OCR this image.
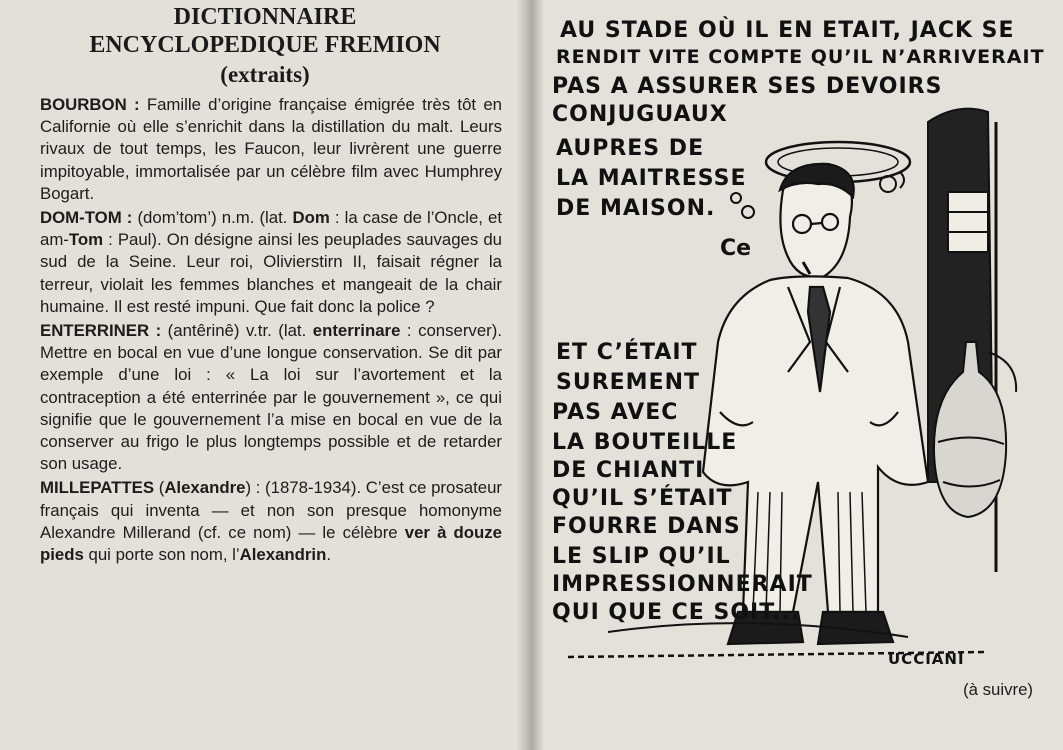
DICTIONNAIRE
ENCYCLOPEDIQUE FREMION
(extraits)

BOURBON : Famille d’origine française émigrée très tôt en Californie où elle s’enrichit dans la distillation du malt. Leurs rivaux de tout temps, les Faucon, leur livrèrent une guerre impitoyable, immortalisée par un célèbre film avec Humphrey Bogart.

DOM-TOM : (dom’tom’) n.m. (lat. Dom : la case de l’Oncle, et am-Tom : Paul). On désigne ainsi les peuplades sauvages du sud de la Seine. Leur roi, Olivierstirn II, faisait régner la terreur, violait les femmes blanches et mangeait de la chair humaine. Il est resté impuni. Que fait donc la police ?

ENTERRINER : (antêrinê) v.tr. (lat. enterrinare : conserver). Mettre en bocal en vue d’une longue conservation. Se dit par exemple d’une loi : « La loi sur l’avortement et la contraception a été enterrinée par le gouvernement », ce qui signifie que le gouvernement l’a mise en bocal en vue de la conserver au frigo le plus longtemps possible et de retarder son usage.

MILLEPATTES (Alexandre) : (1878-1934). C’est ce prosateur français qui inventa — et non son presque homonyme Alexandre Millerand (cf. ce nom) — le célèbre ver à douze pieds qui porte son nom, l’Alexandrin.

(à suivre)
Ce
UCCIANI
AU STADE OÙ IL EN ETAIT, JACK SE
RENDIT VITE COMPTE QU’IL N’ARRIVERAIT
PAS A ASSURER SES DEVOIRS
CONJUGUAUX
AUPRES DE
LA MAITRESSE
DE MAISON.
ET C’ÉTAIT
SUREMENT
PAS AVEC
LA BOUTEILLE
DE CHIANTI
QU’IL S’ÉTAIT
FOURRE DANS
LE SLIP QU’IL
IMPRESSIONNERAIT
QUI QUE CE SOIT...
